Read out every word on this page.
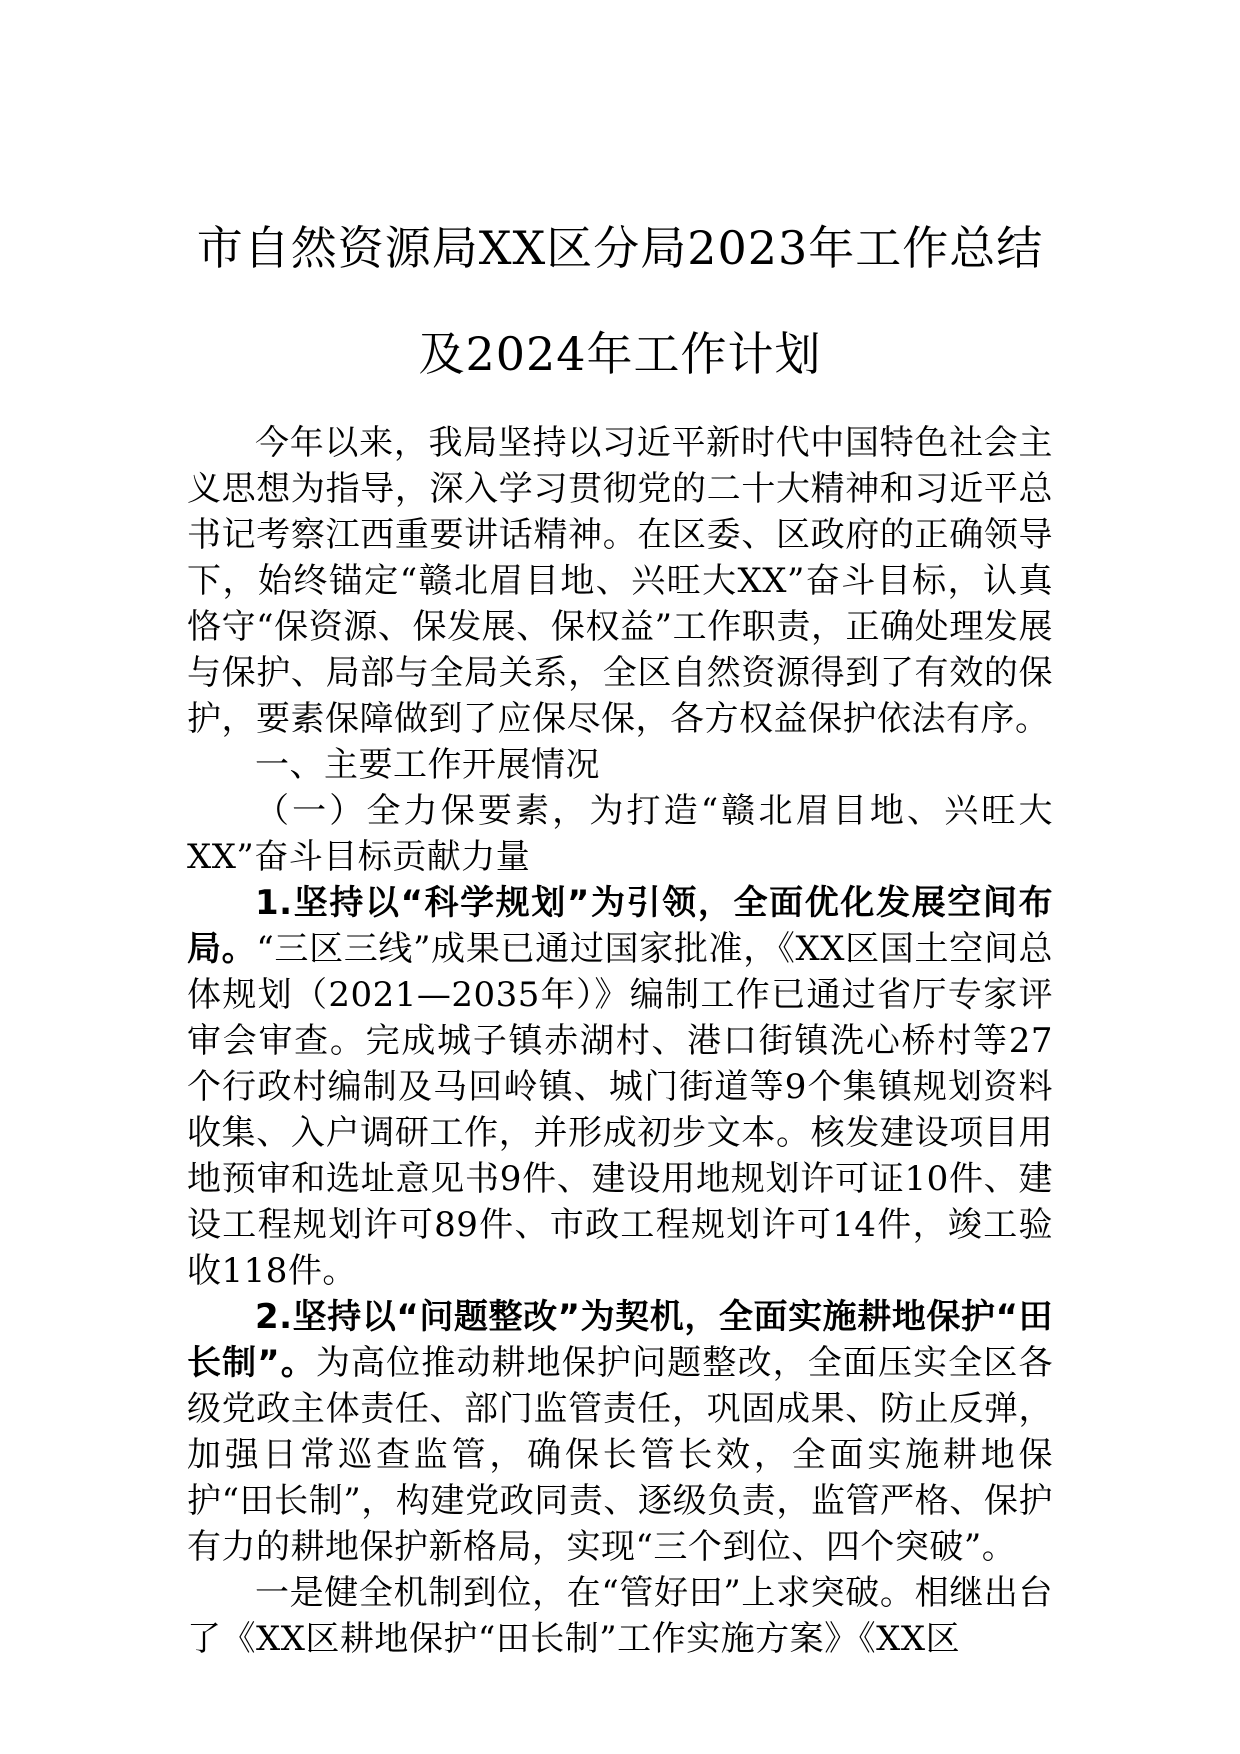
市自然资源局XX区分局2023年工作总结
及2024年工作计划

今年以来，我局坚持以习近平新时代中国特色社会主义思想为指导，深入学习贯彻党的二十大精神和习近平总书记考察江西重要讲话精神。在区委、区政府的正确领导下，始终锚定“赣北眉目地、兴旺大XX”奋斗目标，认真恪守“保资源、保发展、保权益”工作职责，正确处理发展与保护、局部与全局关系，全区自然资源得到了有效的保护，要素保障做到了应保尽保，各方权益保护依法有序。

一、主要工作开展情况

（一）全力保要素，为打造“赣北眉目地、兴旺大XX”奋斗目标贡献力量

1.坚持以“科学规划”为引领，全面优化发展空间布局。“三区三线”成果已通过国家批准，《XX区国土空间总体规划（2021—2035年）》编制工作已通过省厅专家评审会审查。完成城子镇赤湖村、港口街镇洗心桥村等27个行政村编制及马回岭镇、城门街道等9个集镇规划资料收集、入户调研工作，并形成初步文本。核发建设项目用地预审和选址意见书9件、建设用地规划许可证10件、建设工程规划许可89件、市政工程规划许可14件，竣工验收118件。

2.坚持以“问题整改”为契机，全面实施耕地保护“田长制”。为高位推动耕地保护问题整改，全面压实全区各级党政主体责任、部门监管责任，巩固成果、防止反弹，加强日常巡查监管，确保长管长效，全面实施耕地保护“田长制”，构建党政同责、逐级负责，监管严格、保护有力的耕地保护新格局，实现“三个到位、四个突破”。

一是健全机制到位，在“管好田”上求突破。相继出台了《XX区耕地保护“田长制”工作实施方案》《XX区
